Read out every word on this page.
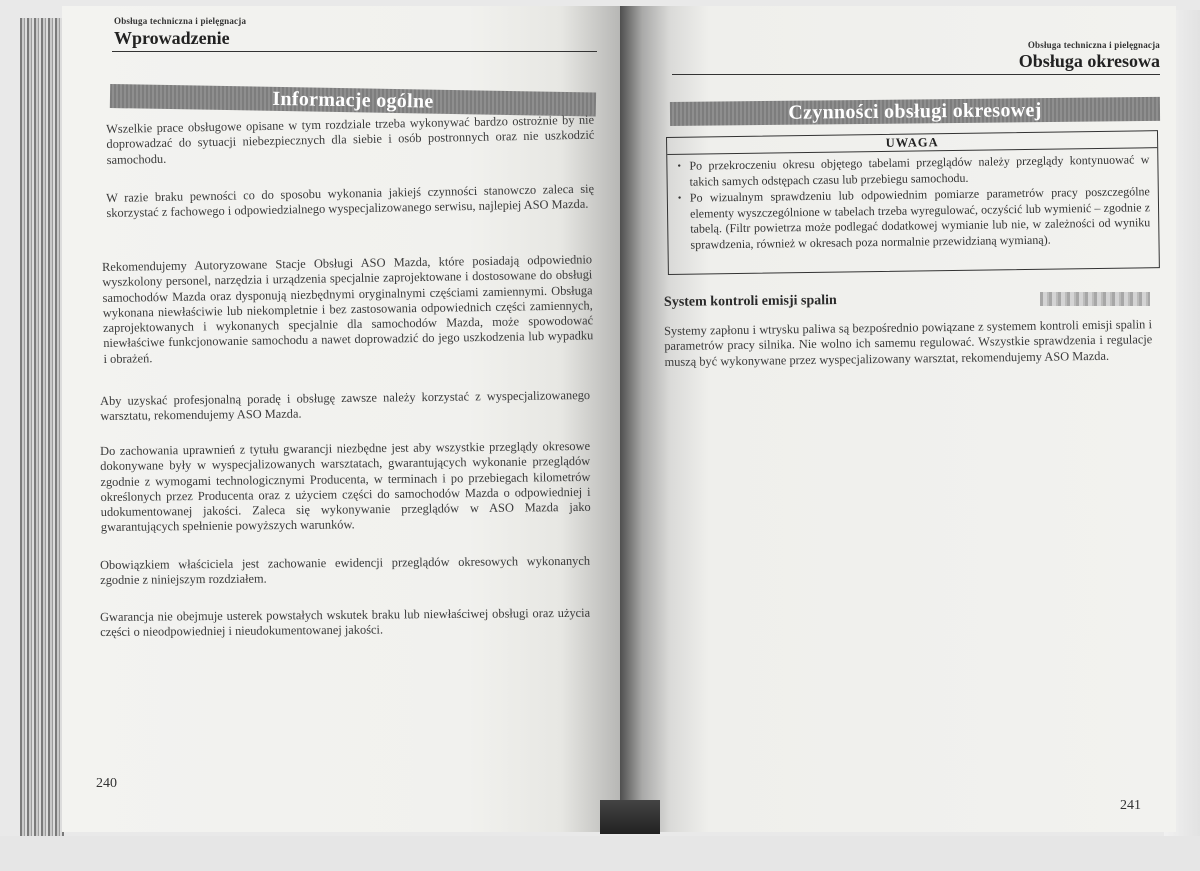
Obsługa techniczna i pielęgnacja
Wprowadzenie
Informacje ogólne
Wszelkie prace obsługowe opisane w tym rozdziale trzeba wykonywać bardzo ostrożnie by nie doprowadzać do sytuacji niebezpiecznych dla siebie i osób postronnych oraz nie uszkodzić samochodu.
W razie braku pewności co do sposobu wykonania jakiejś czynności stanowczo zaleca się skorzystać z fachowego i odpowiedzialnego wyspecjalizowanego serwisu, najlepiej ASO Mazda.
Rekomendujemy Autoryzowane Stacje Obsługi ASO Mazda, które posiadają odpowiednio wyszkolony personel, narzędzia i urządzenia specjalnie zaprojektowane i dostosowane do obsługi samochodów Mazda oraz dysponują niezbędnymi oryginalnymi częściami zamiennymi. Obsługa wykonana niewłaściwie lub niekompletnie i bez zastosowania odpowiednich części zamiennych, zaprojektowanych i wykonanych specjalnie dla samochodów Mazda, może spowodować niewłaściwe funkcjonowanie samochodu a nawet doprowadzić do jego uszkodzenia lub wypadku i obrażeń.
Aby uzyskać profesjonalną poradę i obsługę zawsze należy korzystać z wyspecjalizowanego warsztatu, rekomendujemy ASO Mazda.
Do zachowania uprawnień z tytułu gwarancji niezbędne jest aby wszystkie przeglądy okresowe dokonywane były w wyspecjalizowanych warsztatach, gwarantujących wykonanie przeglądów zgodnie z wymogami technologicznymi Producenta, w terminach i po przebiegach kilometrów określonych przez Producenta oraz z użyciem części do samochodów Mazda o odpowiedniej i udokumentowanej jakości. Zaleca się wykonywanie przeglądów w ASO Mazda jako gwarantujących spełnienie powyższych warunków.
Obowiązkiem właściciela jest zachowanie ewidencji przeglądów okresowych wykonanych zgodnie z niniejszym rozdziałem.
Gwarancja nie obejmuje usterek powstałych wskutek braku lub niewłaściwej obsługi oraz użycia części o nieodpowiedniej i nieudokumentowanej jakości.
240
Obsługa techniczna i pielęgnacja
Obsługa okresowa
Czynności obsługi okresowej
UWAGA
• Po przekroczeniu okresu objętego tabelami przeglądów należy przeglądy kontynuować w takich samych odstępach czasu lub przebiegu samochodu.
• Po wizualnym sprawdzeniu lub odpowiednim pomiarze parametrów pracy poszczególne elementy wyszczególnione w tabelach trzeba wyregulować, oczyścić lub wymienić – zgodnie z tabelą. (Filtr powietrza może podlegać dodatkowej wymianie lub nie, w zależności od wyniku sprawdzenia, również w okresach poza normalnie przewidzianą wymianą).
System kontroli emisji spalin
Systemy zapłonu i wtrysku paliwa są bezpośrednio powiązane z systemem kontroli emisji spalin i parametrów pracy silnika. Nie wolno ich samemu regulować. Wszystkie sprawdzenia i regulacje muszą być wykonywane przez wyspecjalizowany warsztat, rekomendujemy ASO Mazda.
241
